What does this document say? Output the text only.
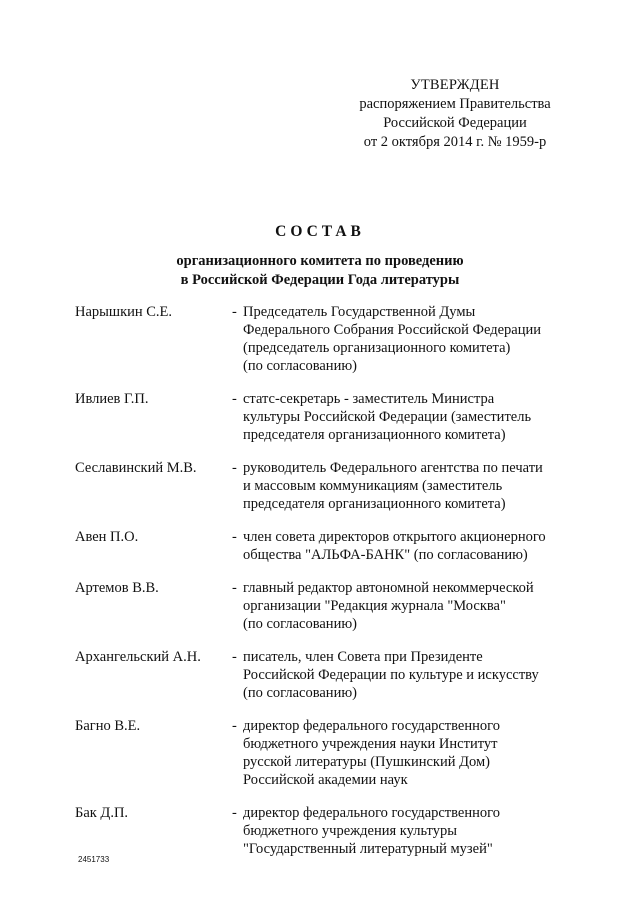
УТВЕРЖДЕН
распоряжением Правительства
Российской Федерации
от 2 октября 2014 г. № 1959-р
СОСТАВ
организационного комитета по проведению
в Российской Федерации Года литературы
Нарышкин С.Е.	- Председатель Государственной Думы
Федерального Собрания Российской Федерации
(председатель организационного комитета)
(по согласованию)
Ивлиев Г.П.	- статс-секретарь - заместитель Министра
культуры Российской Федерации (заместитель
председателя организационного комитета)
Сеславинский М.В.	- руководитель Федерального агентства по печати
и массовым коммуникациям (заместитель
председателя организационного комитета)
Авен П.О.	- член совета директоров открытого акционерного
общества "АЛЬФА-БАНК" (по согласованию)
Артемов В.В.	- главный редактор автономной некоммерческой
организации "Редакция журнала "Москва"
(по согласованию)
Архангельский А.Н.	- писатель, член Совета при Президенте
Российской Федерации по культуре и искусству
(по согласованию)
Багно В.Е.	- директор федерального государственного
бюджетного учреждения науки Институт
русской литературы (Пушкинский Дом)
Российской академии наук
Бак Д.П.	- директор федерального государственного
бюджетного учреждения культуры
"Государственный литературный музей"
2451733
